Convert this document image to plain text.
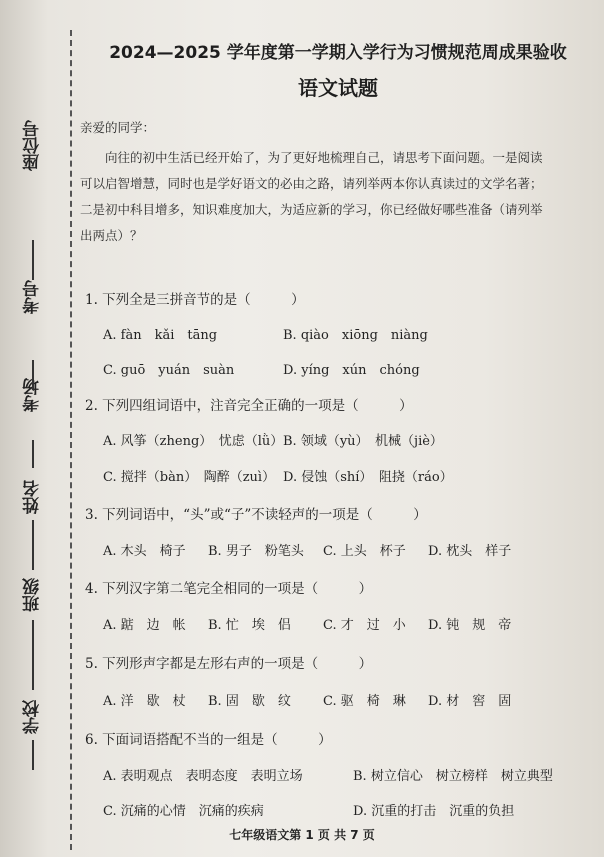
座位号
考号
考场
姓名
班级
学校
2024—2025 学年度第一学期入学行为习惯规范周成果验收
语文试题

亲爱的同学：

向往的初中生活已经开始了，为了更好地梳理自己，请思考下面问题。一是阅读

可以启智增慧，同时也是学好语文的必由之路，请列举两本你认真读过的文学名著；

二是初中科目增多，知识难度加大，为适应新的学习，你已经做好哪些准备（请列举

出两点）？

1. 下列全是三拼音节的是（　　　）
A. fàn　kǎi　tāng	B. qiào　xiōng　niàng
C. guō　yuán　suàn	D. yíng　xún　chóng
2. 下列四组词语中，注音完全正确的一项是（　　　）
A. 风筝（zheng）　忧虑（lǜ） B. 领域（yù）　机械（jiè）
C. 搅拌（bàn）　陶醉（zuì） D. 侵蚀（shí）　阻挠（ráo）
3. 下列词语中，“头”或“子”不读轻声的一项是（　　　）
A. 木头　椅子	B. 男子　粉笔头	C. 上头　杯子	D. 枕头　样子
4. 下列汉字第二笔完全相同的一项是（　　　）
A. 踮　边　帐	B. 忙　埃　侣	C. 才　过　小	D. 钝　规　帝
5. 下列形声字都是左形右声的一项是（　　　）
A. 洋　歇　杖	B. 固　歇　纹	C. 驱　椅　琳	D. 材　窖　固
6. 下面词语搭配不当的一组是（　　　）
A. 表明观点　表明态度　表明立场	B. 树立信心　树立榜样　树立典型
C. 沉痛的心情　沉痛的疾病	D. 沉重的打击　沉重的负担
七年级语文第 1 页 共 7 页
